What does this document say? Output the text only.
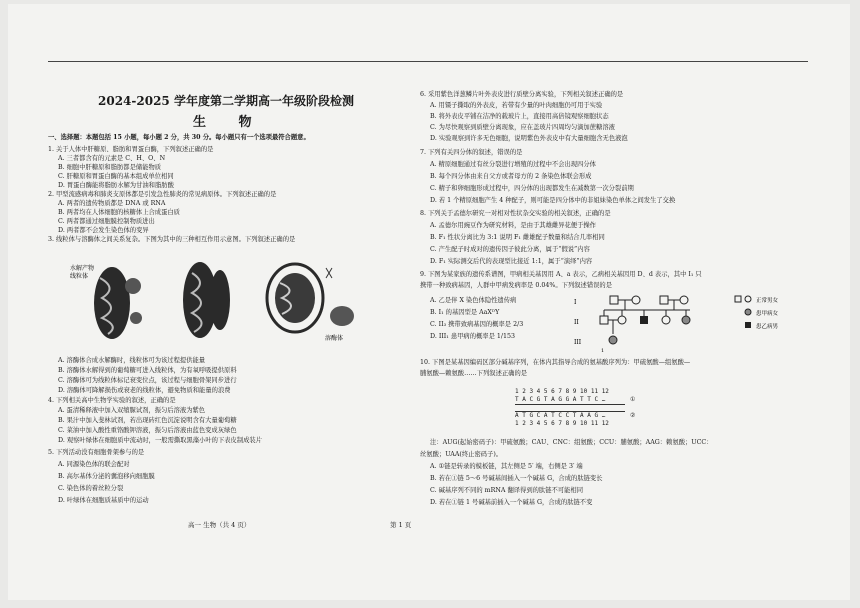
2024-2025 学年度第二学期高一年级阶段检测
生 物
一、选择题：本题包括 15 小题，每小题 2 分，共 30 分。每小题只有一个选项最符合题意。
1. 关于人体中肝糖原、脂肪和胃蛋白酶，下列叙述正确的是
A. 三者都含有的元素是 C、H、O、N
B. 细胞中肝糖原和脂肪都是储能物质
C. 肝糖原和胃蛋白酶的基本组成单位相同
D. 胃蛋白酶能将脂肪水解为甘油和脂肪酸
2. 甲型流感病毒和肺炎支原体都是引发急性肺炎的常见病原体。下列叙述正确的是
A. 两者的遗传物质都是 DNA 或 RNA
B. 两者均在人体细胞的核糖体上合成蛋白质
C. 两者都通过细胞膜控制物质进出
D. 两者都不会发生染色体的变异
3. 线粒体与溶酶体之间关系复杂。下图为其中的三种相互作用示意图。下列叙述正确的是
水解产物
线粒体
溶酶体
A. 溶酶体合成水解酶时，线粒体可为该过程提供能量
B. 溶酶体水解得到的葡萄糖可进入线粒体，为有氧呼吸提供原料
C. 溶酶体可为线粒体标记衰变位点，该过程与细胞骨架同步进行
D. 溶酶体可降解损伤或衰老的线粒体，避免物质和能量的浪费
4. 下列相关高中生物学实验的叙述，正确的是
A. 蛋清稀释液中加入双缩脲试剂，振匀后溶液为紫色
B. 果汁中加入斐林试剂，若出现砖红色沉淀说明含有大量葡萄糖
C. 菜油中加入酸性重铬酸钾溶液，振匀后溶液由蓝色变成灰绿色
D. 观察叶绿体在细胞质中流动时，一般需撕取黑藻小叶的下表皮制成装片
5. 下列活动没有细胞骨架参与的是
A. 同源染色体的联会配对
B. 高尔基体分泌的囊泡移向细胞膜
C. 染色体的着丝粒分裂
D. 叶绿体在细胞质基质中的运动
高一 生物（共 4 页）
6. 采用紫色洋葱鳞片叶外表皮进行质壁分离实验，下列相关叙述正确的是
A. 用镊子撕取的外表皮，若带有少量的叶肉细胞仍可用于实验
B. 将外表皮平铺在洁净的载玻片上，直接用高倍镜观察细胞状态
C. 为尽快观察到质壁分离现象，应在盖玻片四周均匀滴加蔗糖溶液
D. 实验观察到许多无色细胞，说明紫色外表皮中有大量细胞含无色液泡
7. 下列有关四分体的叙述，错误的是
A. 精原细胞通过有丝分裂进行增殖的过程中不会出现四分体
B. 每个四分体由来自父方或者母方的 2 条染色体联会形成
C. 精子和卵细胞形成过程中，四分体的出现都发生在减数第一次分裂前期
D. 若 1 个精原细胞产生 4 种配子，则可能是四分体中的非姐妹染色单体之间发生了交换
8. 下列关于孟德尔研究一对相对性状杂交实验的相关叙述，正确的是
A. 孟德尔用豌豆作为研究材料，是由于其雄雌异花便于操作
B. F₁ 性状分离比为 3:1 说明 F₁ 雌雄配子数量和结合几率相同
C. 产生配子时成对的遗传因子彼此分离，属于“假说”内容
D. F₁ 实际测交后代的表现型比接近 1:1，属于“演绎”内容
9. 下图为某家族的遗传系谱图，甲病相关基因用 A、a 表示，乙病相关基因用 D、d 表示，其中 I₁ 只
携带一种致病基因，人群中甲病发病率是 0.04%。下列叙述错误的是
A. 乙是伴 X 染色体隐性遗传病
B. I₁ 的基因型是 AaXᴰY
C. II₃ 携带致病基因的概率是 2/3
D. III₁ 患甲病的概率是 1/153
I
II
III
1
正常男女
患甲病女
患乙病男
10. 下图是某基因编码区部分碱基序列，在体内其指导合成的氨基酸序列为：甲硫氨酸—组氨酸—
脯氨酸—赖氨酸……下列叙述正确的是
1 2 3 4 5 6 7 8 9 10 11 12
T A C G T A G G A T T C …	①
A T G C A T C C T A A G …	②
1 2 3 4 5 6 7 8 9 10 11 12
注：AUG(起始密码子)：甲硫氨酸；CAU、CNC：组氨酸；CCU：脯氨酸；AAG：赖氨酸；UCC：
丝氨酸；UAA(终止密码子)。
A. ①链是转录的模板链，其左侧是 5′ 端，右侧是 3′ 端
B. 若在①链 5～6 号碱基间插入一个碱基 G，合成的肽链变长
C. 碱基序列不同的 mRNA 翻译得到的肽链不可能相同
D. 若在①链 1 号碱基前插入一个碱基 G，合成的肽链不变
第 1 页
